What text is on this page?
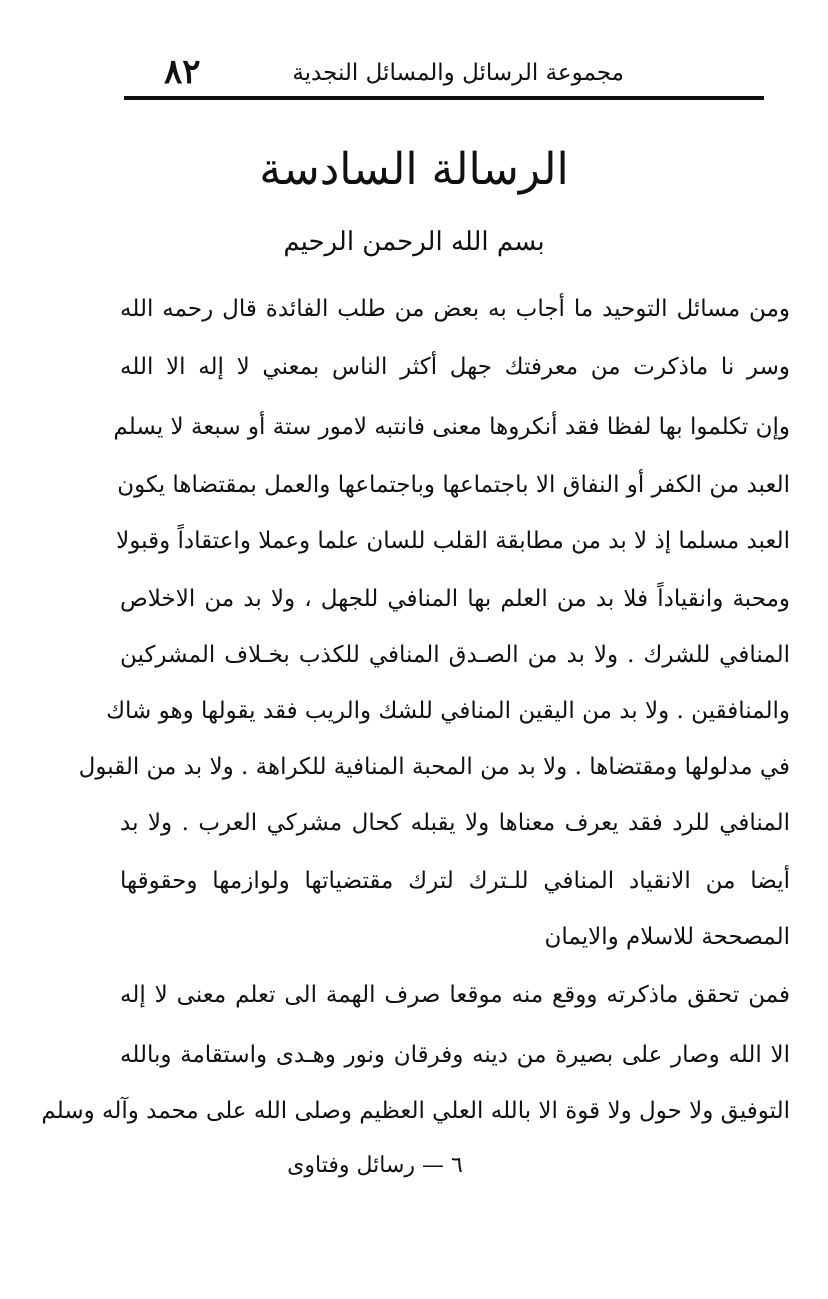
٨٢	مجموعة الرسائل والمسائل النجدية
الرسالة السادسة
بسم الله الرحمن الرحيم
ومن مسائل التوحيد ما أجاب به بعض من طلب الفائدة قال رحمه الله
وسر نا ماذكرت من معرفتك جهل أكثر الناس بمعني لا إله الا الله
وإن تكلموا بها لفظا فقد أنكروها معنى فانتبه لامور ستة أو سبعة لا يسلم
العبد من الكفر أو النفاق الا باجتماعها وباجتماعها والعمل بمقتضاها يكون
العبد مسلما إذ لا بد من مطابقة القلب للسان علما وعملا واعتقاداً وقبولا
ومحبة وانقياداً فلا بد من العلم بها المنافي للجهل ، ولا بد من الاخلاص
المنافي للشرك . ولا بد من الصـدق المنافي للكذب بخـلاف المشركين
والمنافقين . ولا بد من اليقين المنافي للشك والريب فقد يقولها وهو شاك
في مدلولها ومقتضاها . ولا بد من المحبة المنافية للكراهة . ولا بد من القبول
المنافي للرد فقد يعرف معناها ولا يقبله كحال مشركي العرب . ولا بد
أيضا من الانقياد المنافي للـترك لترك مقتضياتها ولوازمها وحقوقها
المصححة للاسلام والايمان
فمن تحقق ماذكرته ووقع منه موقعا صرف الهمة الى تعلم معنى لا إله
الا الله وصار على بصيرة من دينه وفرقان ونور وهـدى واستقامة وبالله
التوفيق ولا حول ولا قوة الا بالله العلي العظيم وصلى الله على محمد وآله وسلم
٦ — رسائل وفتاوى
